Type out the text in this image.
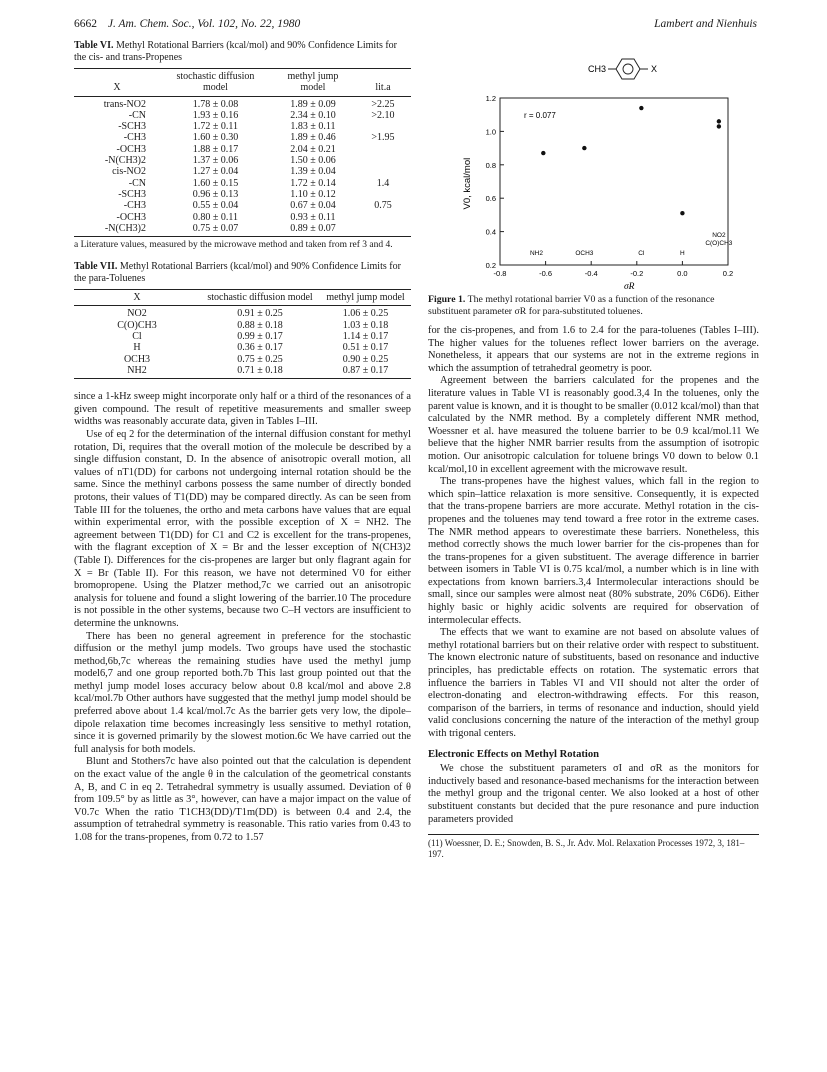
6662 J. Am. Chem. Soc., Vol. 102, No. 22, 1980	Lambert and Nienhuis

Table VI. Methyl Rotational Barriers (kcal/mol) and 90% Confidence Limits for the cis- and trans-Propenes

X	stochastic diffusion model	methyl jump model	lit.a
trans-NO2	1.78 ± 0.08	1.89 ± 0.09	>2.25
-CN	1.93 ± 0.16	2.34 ± 0.10	>2.10
-SCH3	1.72 ± 0.11	1.83 ± 0.11	
-CH3	1.60 ± 0.30	1.89 ± 0.46	>1.95
-OCH3	1.88 ± 0.17	2.04 ± 0.21	
-N(CH3)2	1.37 ± 0.06	1.50 ± 0.06	
cis-NO2	1.27 ± 0.04	1.39 ± 0.04	
-CN	1.60 ± 0.15	1.72 ± 0.14	1.4
-SCH3	0.96 ± 0.13	1.10 ± 0.12	
-CH3	0.55 ± 0.04	0.67 ± 0.04	0.75
-OCH3	0.80 ± 0.11	0.93 ± 0.11	
-N(CH3)2	0.75 ± 0.07	0.89 ± 0.07	

a Literature values, measured by the microwave method and taken from ref 3 and 4.

Table VII. Methyl Rotational Barriers (kcal/mol) and 90% Confidence Limits for the para-Toluenes

X	stochastic diffusion model	methyl jump model
NO2	0.91 ± 0.25	1.06 ± 0.25
C(O)CH3	0.88 ± 0.18	1.03 ± 0.18
Cl	0.99 ± 0.17	1.14 ± 0.17
H	0.36 ± 0.17	0.51 ± 0.17
OCH3	0.75 ± 0.25	0.90 ± 0.25
NH2	0.71 ± 0.18	0.87 ± 0.17

since a 1-kHz sweep might incorporate only half or a third of the resonances of a given compound. The result of repetitive measurements and smaller sweep widths was reasonably accurate data, given in Tables I–III.

Use of eq 2 for the determination of the internal diffusion constant for methyl rotation, Di, requires that the overall motion of the molecule be described by a single diffusion constant, D. In the absence of anisotropic overall motion, all values of nT1(DD) for carbons not undergoing internal rotation should be the same. Since the methinyl carbons possess the same number of directly bonded protons, their values of T1(DD) may be compared directly. As can be seen from Table III for the toluenes, the ortho and meta carbons have values that are equal within experimental error, with the possible exception of X = NH2. The agreement between T1(DD) for C1 and C2 is excellent for the trans-propenes, with the flagrant exception of X = Br and the lesser exception of N(CH3)2 (Table I). Differences for the cis-propenes are larger but only flagrant again for X = Br (Table II). For this reason, we have not determined V0 for either bromopropene. Using the Platzer method,7c we carried out an anisotropic analysis for toluene and found a slight lowering of the barrier.10 The procedure is not possible in the other systems, because two C–H vectors are insufficient to determine the unknowns.

There has been no general agreement in preference for the stochastic diffusion or the methyl jump models. Two groups have used the stochastic method,6b,7c whereas the remaining studies have used the methyl jump model6,7 and one group reported both.7b This last group pointed out that the methyl jump model loses accuracy below about 0.8 kcal/mol and above 2.8 kcal/mol.7b Other authors have suggested that the methyl jump model should be preferred above about 1.4 kcal/mol.7c As the barrier gets very low, the dipole–dipole relaxation time becomes increasingly less sensitive to methyl rotation, since it is governed primarily by the slowest motion.6c We have carried out the full analysis for both models.

Blunt and Stothers7c have also pointed out that the calculation is dependent on the exact value of the angle θ in the calculation of the geometrical constants A, B, and C in eq 2. Tetrahedral symmetry is usually assumed. Deviation of θ from 109.5° by as little as 3°, however, can have a major impact on the value of V0.7c When the ratio T1CH3(DD)/T1m(DD) is between 0.4 and 2.4, the assumption of tetrahedral symmetry is reasonable. This ratio varies from 0.43 to 1.08 for the trans-propenes, from 0.72 to 1.57

CH3	X
-0.8	-0.6	-0.4	-0.2	0.0	0.2
0.2
0.4
0.6
0.8
1.0
1.2
r = 0.077
V0, kcal/mol
σR
NH2	OCH3	Cl	H
NO2
C(O)CH3

Figure 1. The methyl rotational barrier V0 as a function of the resonance substituent parameter σR for para-substituted toluenes.

for the cis-propenes, and from 1.6 to 2.4 for the para-toluenes (Tables I–III). The higher values for the toluenes reflect lower barriers on the average. Nonetheless, it appears that our systems are not in the extreme regions in which the assumption of tetrahedral geometry is poor.

Agreement between the barriers calculated for the propenes and the literature values in Table VI is reasonably good.3,4 In the toluenes, only the parent value is known, and it is thought to be smaller (0.012 kcal/mol) than that calculated by the NMR method. By a completely different NMR method, Woessner et al. have measured the toluene barrier to be 0.9 kcal/mol.11 We believe that the higher NMR barrier results from the assumption of isotropic motion. Our anisotropic calculation for toluene brings V0 down to below 0.1 kcal/mol,10 in excellent agreement with the microwave result.

The trans-propenes have the highest values, which fall in the region to which spin–lattice relaxation is more sensitive. Consequently, it is expected that the trans-propene barriers are more accurate. Methyl rotation in the cis-propenes and the toluenes may tend toward a free rotor in the extreme cases. The NMR method appears to overestimate these barriers. Nonetheless, this method correctly shows the much lower barrier for the cis-propenes than for the trans-propenes for a given substituent. The average difference in barrier between isomers in Table VI is 0.75 kcal/mol, a number which is in line with expectations from known barriers.3,4 Intermolecular interactions should be small, since our samples were almost neat (80% substrate, 20% C6D6). Either highly basic or highly acidic solvents are required for observation of intermolecular effects.

The effects that we want to examine are not based on absolute values of methyl rotational barriers but on their relative order with respect to substituent. The known electronic nature of substituents, based on resonance and inductive principles, has predictable effects on rotation. The systematic errors that influence the barriers in Tables VI and VII should not alter the order of electron-donating and electron-withdrawing effects. For this reason, comparison of the barriers, in terms of resonance and induction, should yield valid conclusions concerning the nature of the interaction of the methyl group with trigonal centers.

Electronic Effects on Methyl Rotation

We chose the substituent parameters σI and σR as the monitors for inductively based and resonance-based mechanisms for the interaction between the methyl group and the trigonal center. We also looked at a host of other substituent constants but decided that the pure resonance and pure induction parameters provided

(11) Woessner, D. E.; Snowden, B. S., Jr. Adv. Mol. Relaxation Processes 1972, 3, 181–197.
